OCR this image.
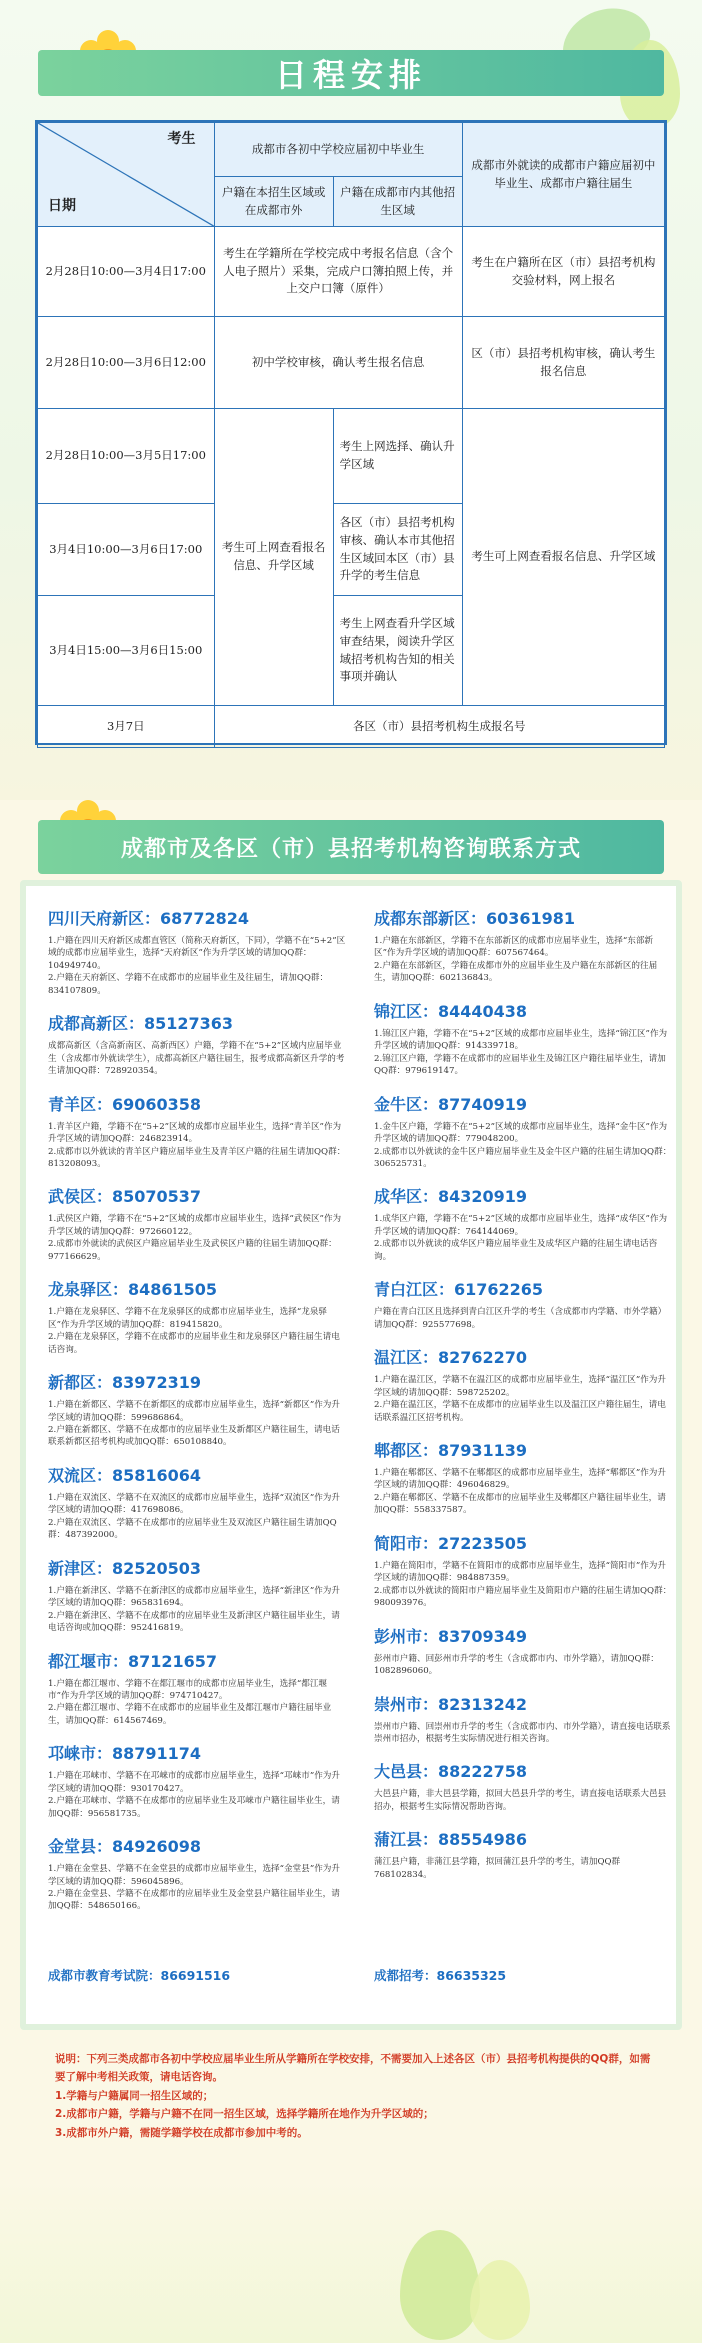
日程安排
考生
日期	成都市各初中学校应届初中毕业生		成都市外就读的成都市户籍应届初中毕业生、成都市户籍往届生
	户籍在本招生区域或在成都市外	户籍在成都市内其他招生区域	
2月28日10:00—3月4日17:00	考生在学籍所在学校完成中考报名信息（含个人电子照片）采集，完成户口簿拍照上传，并上交户口簿（原件）		考生在户籍所在区（市）县招考机构交验材料，网上报名
2月28日10:00—3月6日12:00	初中学校审核，确认考生报名信息		区（市）县招考机构审核，确认考生报名信息
2月28日10:00—3月5日17:00	考生可上网查看报名信息、升学区域	考生上网选择、确认升学区域	考生可上网查看报名信息、升学区域
3月4日10:00—3月6日17:00		各区（市）县招考机构审核、确认本市其他招生区域回本区（市）县升学的考生信息	
3月4日15:00—3月6日15:00		考生上网查看升学区域审查结果，阅读升学区域招考机构告知的相关事项并确认	
3月7日	各区（市）县招考机构生成报名号		
成都市及各区（市）县招考机构咨询联系方式
四川天府新区：68772824
1.户籍在四川天府新区成都直管区（简称天府新区，下同），学籍不在“5+2”区域的成都市应届毕业生，选择“天府新区”作为升学区域的请加QQ群：104949740。
2.户籍在天府新区、学籍不在成都市的应届毕业生及往届生，请加QQ群：834107809。
成都高新区：85127363
成都高新区（含高新南区、高新西区）户籍，学籍不在“5+2”区域内应届毕业生（含成都市外就读学生），成都高新区户籍往届生，报考成都高新区升学的考生请加QQ群：728920354。
青羊区：69060358
1.青羊区户籍，学籍不在“5+2”区域的成都市应届毕业生，选择“青羊区”作为升学区域的请加QQ群：246823914。
2.成都市以外就读的青羊区户籍应届毕业生及青羊区户籍的往届生请加QQ群：813208093。
武侯区：85070537
1.武侯区户籍，学籍不在“5+2”区域的成都市应届毕业生，选择“武侯区”作为升学区域的请加QQ群：972660122。
2.成都市外就读的武侯区户籍应届毕业生及武侯区户籍的往届生请加QQ群：977166629。
龙泉驿区：84861505
1.户籍在龙泉驿区、学籍不在龙泉驿区的成都市应届毕业生，选择“龙泉驿区”作为升学区域的请加QQ群：819415820。
2.户籍在龙泉驿区，学籍不在成都市的应届毕业生和龙泉驿区户籍往届生请电话咨询。
新都区：83972319
1.户籍在新都区、学籍不在新都区的成都市应届毕业生，选择“新都区”作为升学区域的请加QQ群：599686864。
2.户籍在新都区、学籍不在成都市的应届毕业生及新都区户籍往届生，请电话联系新都区招考机构或加QQ群：650108840。
双流区：85816064
1.户籍在双流区、学籍不在双流区的成都市应届毕业生，选择“双流区”作为升学区域的请加QQ群：417698086。
2.户籍在双流区、学籍不在成都市的应届毕业生及双流区户籍往届生请加QQ群：487392000。
新津区：82520503
1.户籍在新津区、学籍不在新津区的成都市应届毕业生，选择“新津区”作为升学区域的请加QQ群：965831694。
2.户籍在新津区、学籍不在成都市的应届毕业生及新津区户籍往届毕业生，请电话咨询或加QQ群：952416819。
都江堰市：87121657
1.户籍在都江堰市、学籍不在都江堰市的成都市应届毕业生，选择“都江堰市”作为升学区域的请加QQ群：974710427。
2.户籍在都江堰市、学籍不在成都市的应届毕业生及都江堰市户籍往届毕业生，请加QQ群：614567469。
邛崃市：88791174
1.户籍在邛崃市、学籍不在邛崃市的成都市应届毕业生，选择“邛崃市”作为升学区域的请加QQ群：930170427。
2.户籍在邛崃市、学籍不在成都市的应届毕业生及邛崃市户籍往届毕业生，请加QQ群：956581735。
金堂县：84926098
1.户籍在金堂县、学籍不在金堂县的成都市应届毕业生，选择“金堂县”作为升学区域的请加QQ群：596045896。
2.户籍在金堂县、学籍不在成都市的应届毕业生及金堂县户籍往届毕业生，请加QQ群：548650166。
成都东部新区：60361981
1.户籍在东部新区，学籍不在东部新区的成都市应届毕业生，选择“东部新区”作为升学区域的请加QQ群：607567464。
2.户籍在东部新区，学籍在成都市外的应届毕业生及户籍在东部新区的往届生，请加QQ群：602136843。
锦江区：84440438
1.锦江区户籍，学籍不在“5+2”区域的成都市应届毕业生，选择“锦江区”作为升学区域的请加QQ群：914339718。
2.锦江区户籍，学籍不在成都市的应届毕业生及锦江区户籍往届毕业生，请加QQ群：979619147。
金牛区：87740919
1.金牛区户籍，学籍不在“5+2”区域的成都市应届毕业生，选择“金牛区”作为升学区域的请加QQ群：779048200。
2.成都市以外就读的金牛区户籍应届毕业生及金牛区户籍的往届生请加QQ群：306525731。
成华区：84320919
1.成华区户籍，学籍不在“5+2”区域的成都市应届毕业生，选择“成华区”作为升学区域的请加QQ群：764144069。
2.成都市以外就读的成华区户籍应届毕业生及成华区户籍的往届生请电话咨询。
青白江区：61762265
户籍在青白江区且选择到青白江区升学的考生（含成都市内学籍、市外学籍）请加QQ群：925577698。
温江区：82762270
1.户籍在温江区，学籍不在温江区的成都市应届毕业生，选择“温江区”作为升学区域的请加QQ群：598725202。
2.户籍在温江区，学籍不在成都市的应届毕业生以及温江区户籍往届生，请电话联系温江区招考机构。
郫都区：87931139
1.户籍在郫都区、学籍不在郫都区的成都市应届毕业生，选择“郫都区”作为升学区域的请加QQ群：496046829。
2.户籍在郫都区、学籍不在成都市的应届毕业生及郫都区户籍往届毕业生，请加QQ群：558337587。
简阳市：27223505
1.户籍在简阳市，学籍不在简阳市的成都市应届毕业生，选择“简阳市”作为升学区域的请加QQ群：984887359。
2.成都市以外就读的简阳市户籍应届毕业生及简阳市户籍的往届生请加QQ群：980093976。
彭州市：83709349
彭州市户籍、回彭州市升学的考生（含成都市内、市外学籍），请加QQ群：1082896060。
崇州市：82313242
崇州市户籍、回崇州市升学的考生（含成都市内、市外学籍），请直接电话联系崇州市招办，根据考生实际情况进行相关咨询。
大邑县：88222758
大邑县户籍，非大邑县学籍，拟回大邑县升学的考生，请直接电话联系大邑县招办，根据考生实际情况帮助咨询。
蒲江县：88554986
蒲江县户籍，非蒲江县学籍，拟回蒲江县升学的考生，请加QQ群768102834。
成都市教育考试院：86691516	成都招考：86635325
说明：下列三类成都市各初中学校应届毕业生所从学籍所在学校安排，不需要加入上述各区（市）县招考机构提供的QQ群，如需要了解中考相关政策，请电话咨询。
1.学籍与户籍属同一招生区域的；
2.成都市户籍，学籍与户籍不在同一招生区域，选择学籍所在地作为升学区域的；
3.成都市外户籍，需随学籍学校在成都市参加中考的。
